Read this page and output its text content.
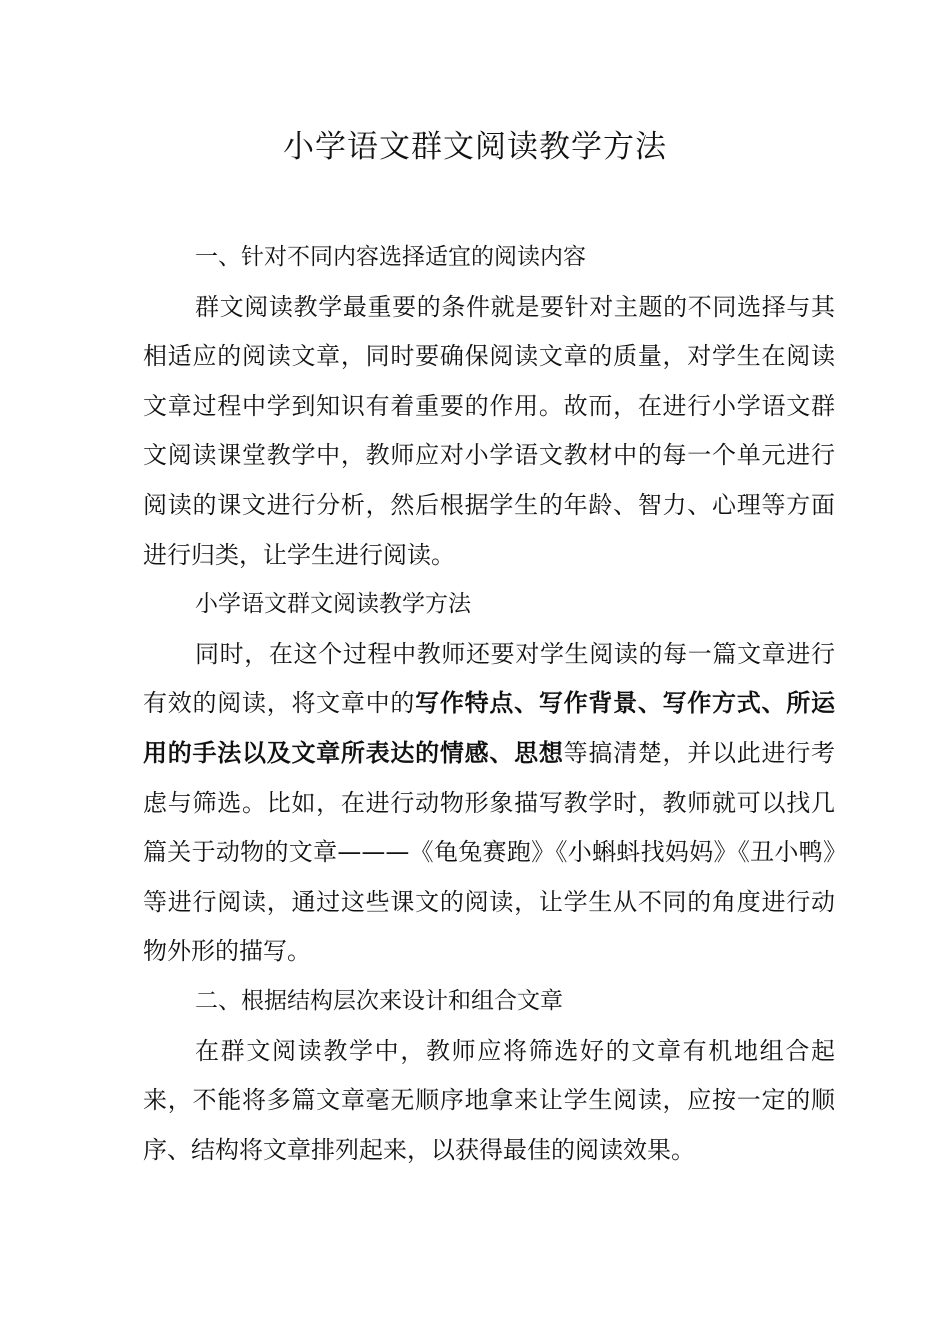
小学语文群文阅读教学方法

一、针对不同内容选择适宜的阅读内容

群文阅读教学最重要的条件就是要针对主题的不同选择与其相适应的阅读文章，同时要确保阅读文章的质量，对学生在阅读文章过程中学到知识有着重要的作用。故而，在进行小学语文群文阅读课堂教学中，教师应对小学语文教材中的每一个单元进行阅读的课文进行分析，然后根据学生的年龄、智力、心理等方面进行归类，让学生进行阅读。

小学语文群文阅读教学方法

同时，在这个过程中教师还要对学生阅读的每一篇文章进行有效的阅读，将文章中的写作特点、写作背景、写作方式、所运用的手法以及文章所表达的情感、思想等搞清楚，并以此进行考虑与筛选。比如，在进行动物形象描写教学时，教师就可以找几篇关于动物的文章———《龟兔赛跑》《小蝌蚪找妈妈》《丑小鸭》等进行阅读，通过这些课文的阅读，让学生从不同的角度进行动物外形的描写。

二、根据结构层次来设计和组合文章

在群文阅读教学中，教师应将筛选好的文章有机地组合起来，不能将多篇文章毫无顺序地拿来让学生阅读，应按一定的顺序、结构将文章排列起来，以获得最佳的阅读效果。
